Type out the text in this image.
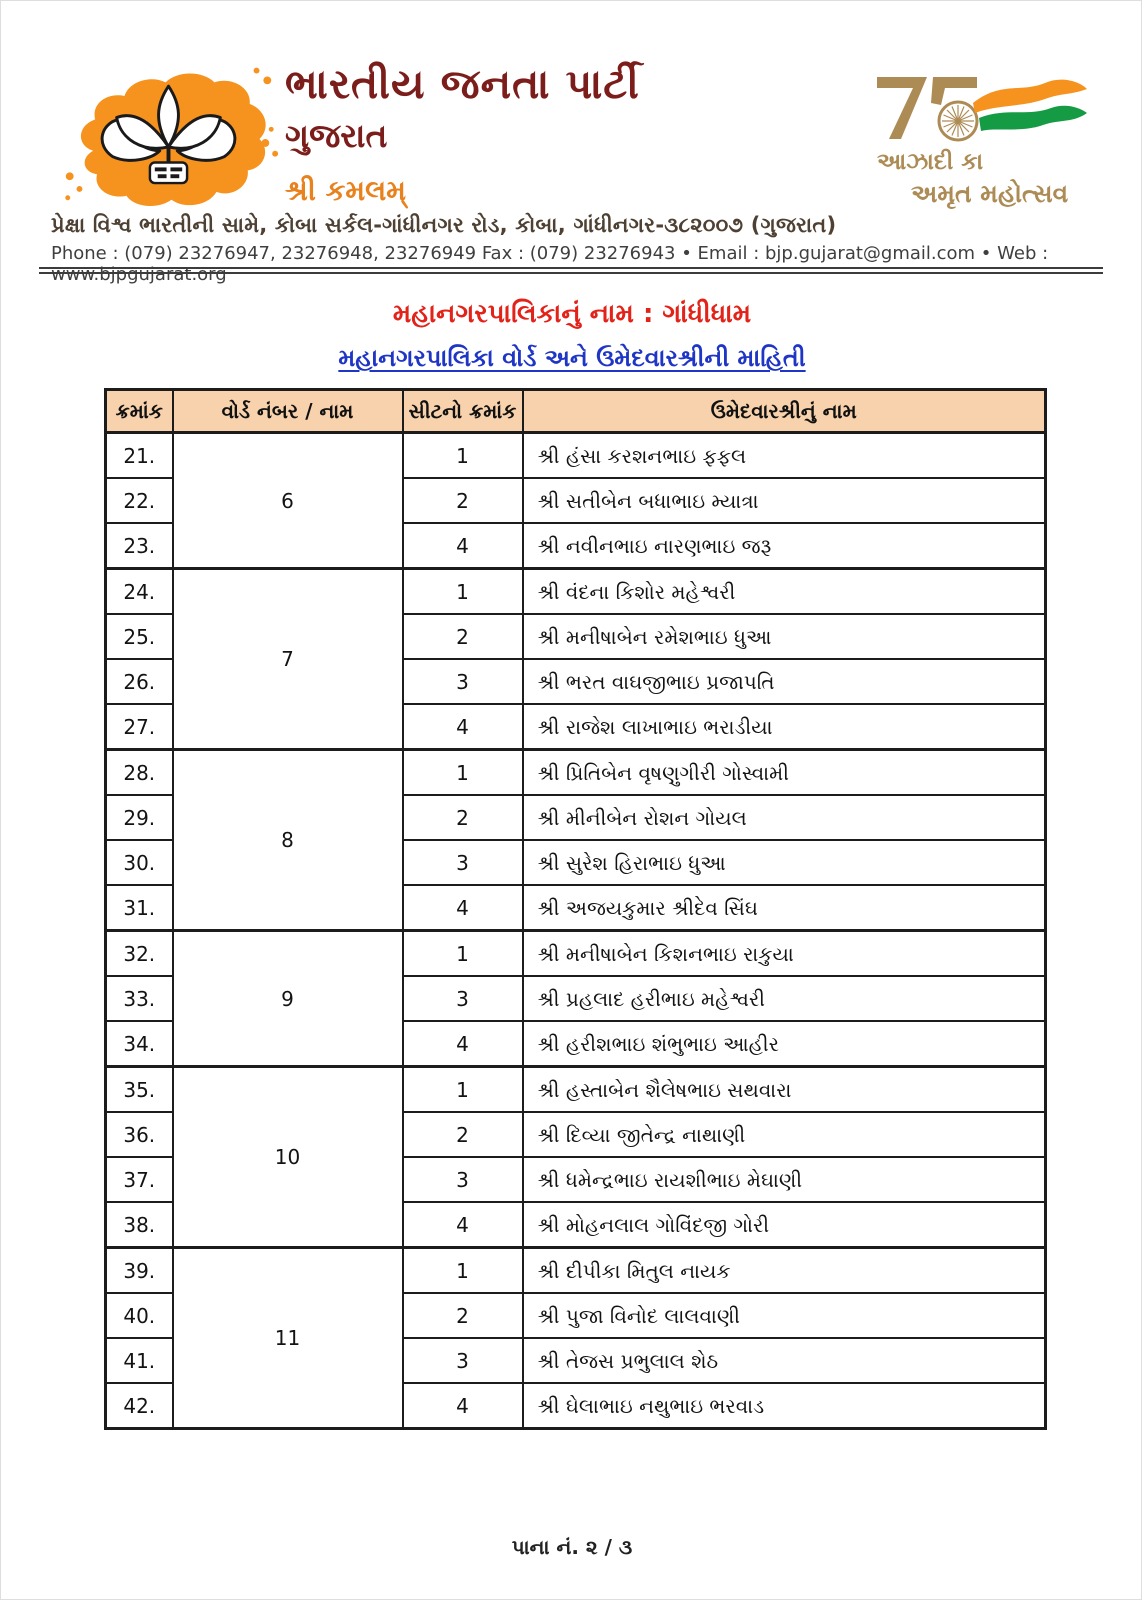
ભારતીય જનતા પાર્ટી
ગુજરાત
શ્રી કમલમ્
આઝાદી કા
અમૃત મહોત્સવ
પ્રેક્ષા વિશ્વ ભારતીની સામે, કોબા સર્કલ-ગાંધીનગર રોડ, કોબા, ગાંધીનગર-૩૮૨૦૦૭ (ગુજરાત)
Phone : (079) 23276947, 23276948, 23276949 Fax : (079) 23276943 • Email : bjp.gujarat@gmail.com • Web : www.bjpgujarat.org
મહાનગરપાલિકાનું નામ : ગાંધીધામ
મહાનગરપાલિકા વોર્ડ અને ઉમેદવારશ્રીની માહિતી
ક્રમાંક	વોર્ડ નંબર / નામ	સીટનો ક્રમાંક	ઉમેદવારશ્રીનું નામ
21.	6	1	શ્રી હંસા કરશનભાઇ ફફલ
22.		2	શ્રી સતીબેન બધાભાઇ મ્યાત્રા
23.		4	શ્રી નવીનભાઇ નારણભાઇ જરૂ
24.	7	1	શ્રી વંદના કિશોર મહેશ્વરી
25.		2	શ્રી મનીષાબેન રમેશભાઇ ધુઆ
26.		3	શ્રી ભરત વાઘજીભાઇ પ્રજાપતિ
27.		4	શ્રી રાજેશ લાખાભાઇ ભરાડીયા
28.	8	1	શ્રી પ્રિતિબેન વૃષણુગીરી ગોસ્વામી
29.		2	શ્રી મીનીબેન રોશન ગોયલ
30.		3	શ્રી સુરેશ હિરાભાઇ ધુઆ
31.		4	શ્રી અજયકુમાર શ્રીદેવ સિંઘ
32.	9	1	શ્રી મનીષાબેન કિશનભાઇ રાકુયા
33.		3	શ્રી પ્રહલાદ હરીભાઇ મહેશ્વરી
34.		4	શ્રી હરીશભાઇ શંભુભાઇ આહીર
35.	10	1	શ્રી હસ્તાબેન શૈલેષભાઇ સથવારા
36.		2	શ્રી દિવ્યા જીતેન્દ્ર નાથાણી
37.		3	શ્રી ધમેન્દ્રભાઇ રાયશીભાઇ મેઘાણી
38.		4	શ્રી મોહનલાલ ગોવિંદજી ગોરી
39.	11	1	શ્રી દીપીકા મિતુલ નાયક
40.		2	શ્રી પુજા વિનોદ લાલવાણી
41.		3	શ્રી તેજસ પ્રભુલાલ શેઠ
42.		4	શ્રી ઘેલાભાઇ નથુભાઇ ભરવાડ
પાના નં. ૨ / ૩
